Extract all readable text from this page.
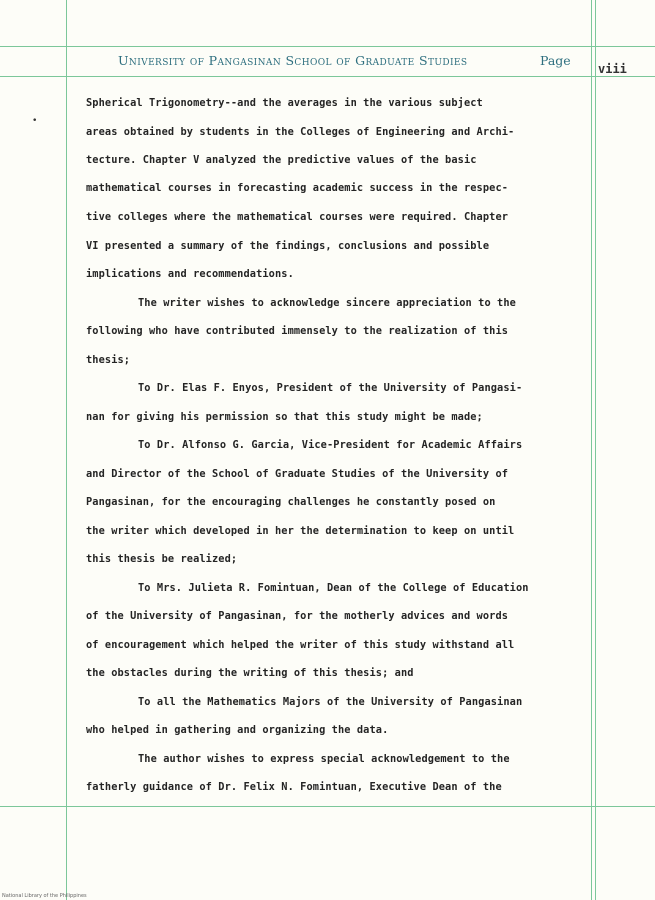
University of Pangasinan School of Graduate Studies	Page
viii
•
Spherical Trigonometry--and the averages in the various subject
areas obtained by students in the Colleges of Engineering and Archi-
tecture. Chapter V analyzed the predictive values of the basic
mathematical courses in forecasting academic success in the respec-
tive colleges where the mathematical courses were required. Chapter
VI presented a summary of the findings, conclusions and possible
implications and recommendations.
The writer wishes to acknowledge sincere appreciation to the
following who have contributed immensely to the realization of this
thesis;
To Dr. Elas F. Enyos, President of the University of Pangasi-
nan for giving his permission so that this study might be made;
To Dr. Alfonso G. Garcia, Vice-President for Academic Affairs
and Director of the School of Graduate Studies of the University of
Pangasinan, for the encouraging challenges he constantly posed on
the writer which developed in her the determination to keep on until
this thesis be realized;
To Mrs. Julieta R. Fomintuan, Dean of the College of Education
of the University of Pangasinan, for the motherly advices and words
of encouragement which helped the writer of this study withstand all
the obstacles during the writing of this thesis; and
To all the Mathematics Majors of the University of Pangasinan
who helped in gathering and organizing the data.
The author wishes to express special acknowledgement to the
fatherly guidance of Dr. Felix N. Fomintuan, Executive Dean of the
National Library of the Philippines
